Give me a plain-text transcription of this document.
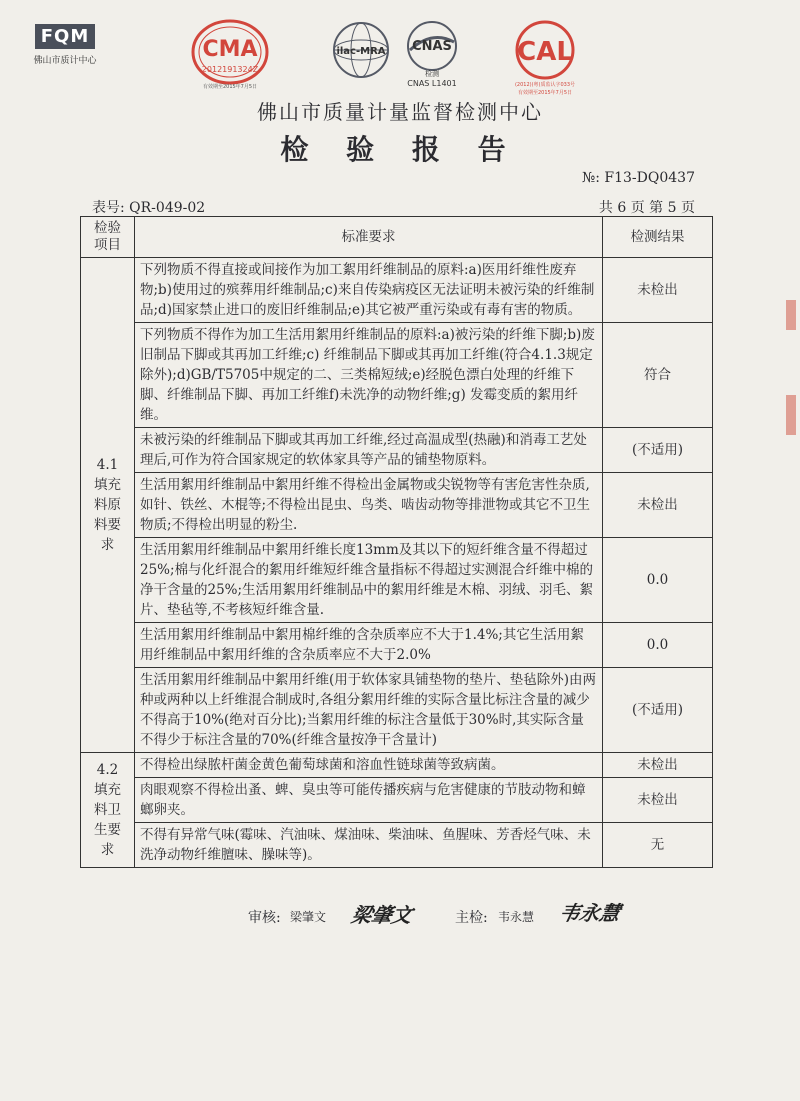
FQM
佛山市质计中心	CMA
2012191324Z
有效期至2015年7月5日
ilac-MRA CNAS
检测
CNAS L1401
CAL
(2012)(粤)质监认字033号
有效期至2015年7月5日
佛山市质量计量监督检测中心
检 验 报 告
№: F13-DQ0437
表号: QR-049-02	共 6 页 第 5 页
检验
项目	标准要求	检测结果
4.1
填充
料原
料要
求	下列物质不得直接或间接作为加工絮用纤维制品的原料:a)医用纤维性废弃物;b)使用过的殡葬用纤维制品;c)来自传染病疫区无法证明未被污染的纤维制品;d)国家禁止进口的废旧纤维制品;e)其它被严重污染或有毒有害的物质。	未检出
	下列物质不得作为加工生活用絮用纤维制品的原料:a)被污染的纤维下脚;b)废旧制品下脚或其再加工纤维;c) 纤维制品下脚或其再加工纤维(符合4.1.3规定除外);d)GB/T5705中规定的二、三类棉短绒;e)经脱色漂白处理的纤维下脚、纤维制品下脚、再加工纤维f)未洗净的动物纤维;g) 发霉变质的絮用纤维。	符合
	未被污染的纤维制品下脚或其再加工纤维,经过高温成型(热融)和消毒工艺处理后,可作为符合国家规定的软体家具等产品的铺垫物原料。	(不适用)
	生活用絮用纤维制品中絮用纤维不得检出金属物或尖锐物等有害危害性杂质,如针、铁丝、木棍等;不得检出昆虫、鸟类、啮齿动物等排泄物或其它不卫生物质;不得检出明显的粉尘.	未检出
	生活用絮用纤维制品中絮用纤维长度13mm及其以下的短纤维含量不得超过25%;棉与化纤混合的絮用纤维短纤维含量指标不得超过实测混合纤维中棉的净干含量的25%;生活用絮用纤维制品中的絮用纤维是木棉、羽绒、羽毛、絮片、垫毡等,不考核短纤维含量.	0.0
	生活用絮用纤维制品中絮用棉纤维的含杂质率应不大于1.4%;其它生活用絮用纤维制品中絮用纤维的含杂质率应不大于2.0%	0.0
	生活用絮用纤维制品中絮用纤维(用于软体家具铺垫物的垫片、垫毡除外)由两种或两种以上纤维混合制成时,各组分絮用纤维的实际含量比标注含量的减少不得高于10%(绝对百分比);当絮用纤维的标注含量低于30%时,其实际含量不得少于标注含量的70%(纤维含量按净干含量计)	(不适用)
4.2
填充
料卫
生要
求	不得检出绿脓杆菌金黄色葡萄球菌和溶血性链球菌等致病菌。	未检出
	肉眼观察不得检出蚤、蜱、臭虫等可能传播疾病与危害健康的节肢动物和蟑螂卵夹。	未检出
	不得有异常气味(霉味、汽油味、煤油味、柴油味、鱼腥味、芳香烃气味、未洗净动物纤维膻味、臊味等)。	无
审核: 梁肇文 梁肇文	主检: 韦永慧 韦永慧
